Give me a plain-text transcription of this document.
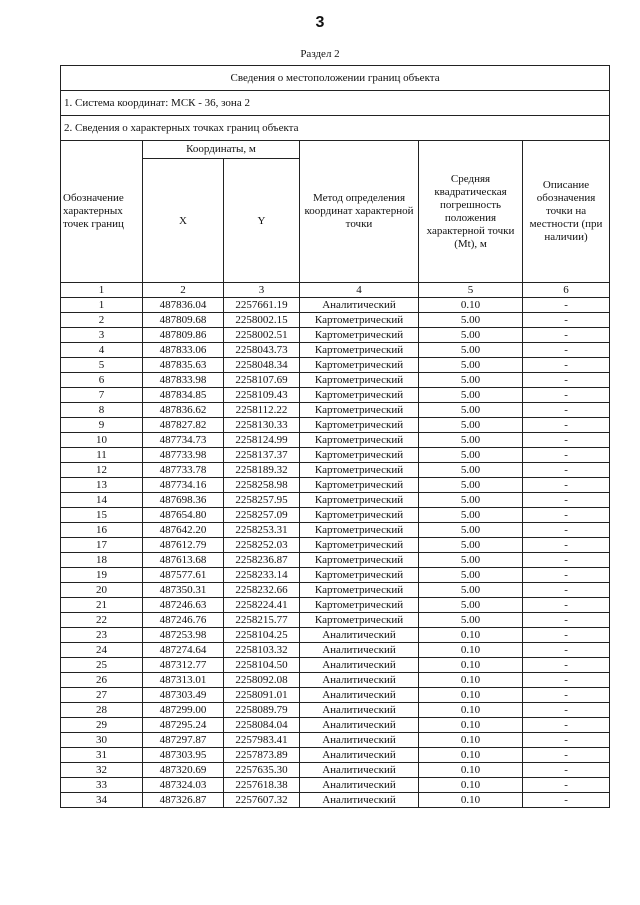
3
Раздел 2
Сведения о местоположении границ объекта					
1. Система координат: МСК - 36, зона 2					
2. Сведения о характерных точках границ объекта					
Обозначение характерных точек границ	Координаты, м		Метод определения координат характерной точки	Средняя квадратическая погрешность положения характерной точки (Mt), м	Описание обозначения точки на местности (при наличии)
	X	Y			
1	2	3	4	5	6
1	487836.04	2257661.19	Аналитический	0.10	-
2	487809.68	2258002.15	Картометрический	5.00	-
3	487809.86	2258002.51	Картометрический	5.00	-
4	487833.06	2258043.73	Картометрический	5.00	-
5	487835.63	2258048.34	Картометрический	5.00	-
6	487833.98	2258107.69	Картометрический	5.00	-
7	487834.85	2258109.43	Картометрический	5.00	-
8	487836.62	2258112.22	Картометрический	5.00	-
9	487827.82	2258130.33	Картометрический	5.00	-
10	487734.73	2258124.99	Картометрический	5.00	-
11	487733.98	2258137.37	Картометрический	5.00	-
12	487733.78	2258189.32	Картометрический	5.00	-
13	487734.16	2258258.98	Картометрический	5.00	-
14	487698.36	2258257.95	Картометрический	5.00	-
15	487654.80	2258257.09	Картометрический	5.00	-
16	487642.20	2258253.31	Картометрический	5.00	-
17	487612.79	2258252.03	Картометрический	5.00	-
18	487613.68	2258236.87	Картометрический	5.00	-
19	487577.61	2258233.14	Картометрический	5.00	-
20	487350.31	2258232.66	Картометрический	5.00	-
21	487246.63	2258224.41	Картометрический	5.00	-
22	487246.76	2258215.77	Картометрический	5.00	-
23	487253.98	2258104.25	Аналитический	0.10	-
24	487274.64	2258103.32	Аналитический	0.10	-
25	487312.77	2258104.50	Аналитический	0.10	-
26	487313.01	2258092.08	Аналитический	0.10	-
27	487303.49	2258091.01	Аналитический	0.10	-
28	487299.00	2258089.79	Аналитический	0.10	-
29	487295.24	2258084.04	Аналитический	0.10	-
30	487297.87	2257983.41	Аналитический	0.10	-
31	487303.95	2257873.89	Аналитический	0.10	-
32	487320.69	2257635.30	Аналитический	0.10	-
33	487324.03	2257618.38	Аналитический	0.10	-
34	487326.87	2257607.32	Аналитический	0.10	-
